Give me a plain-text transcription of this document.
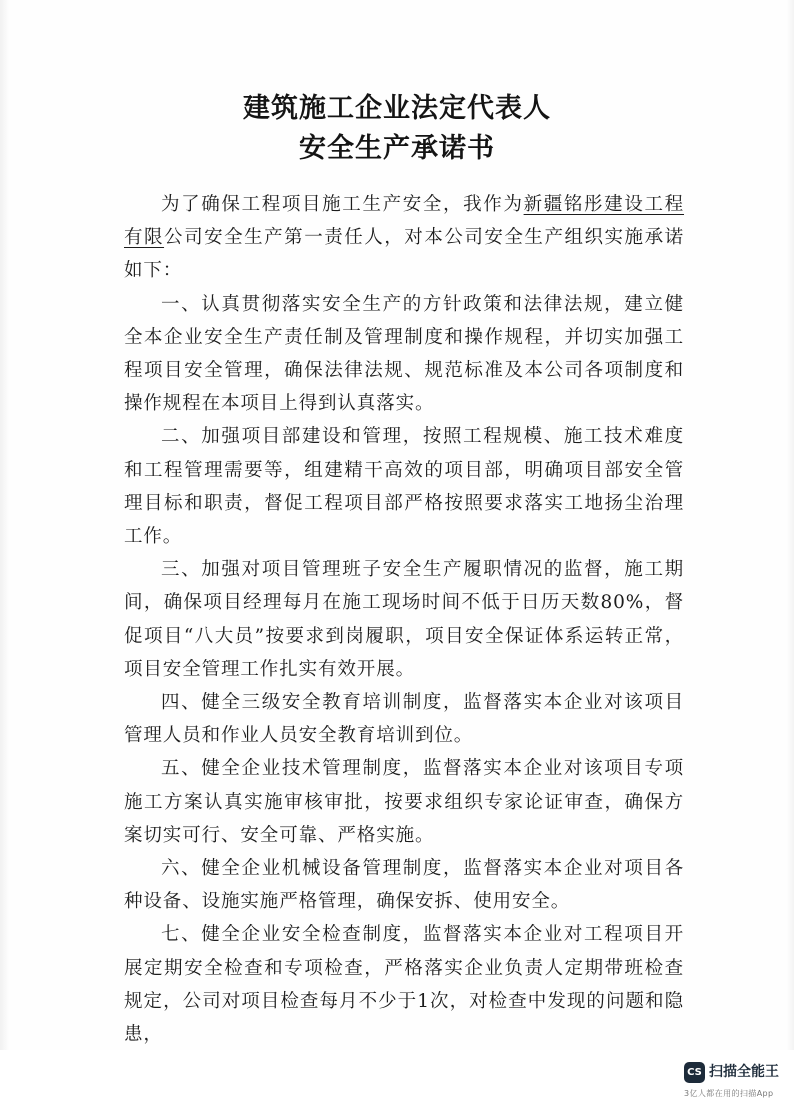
建筑施工企业法定代表人
安全生产承诺书

为了确保工程项目施工生产安全，我作为新疆铭彤建设工程有限公司安全生产第一责任人，对本公司安全生产组织实施承诺如下：

一、认真贯彻落实安全生产的方针政策和法律法规，建立健全本企业安全生产责任制及管理制度和操作规程，并切实加强工程项目安全管理，确保法律法规、规范标准及本公司各项制度和操作规程在本项目上得到认真落实。

二、加强项目部建设和管理，按照工程规模、施工技术难度和工程管理需要等，组建精干高效的项目部，明确项目部安全管理目标和职责，督促工程项目部严格按照要求落实工地扬尘治理工作。

三、加强对项目管理班子安全生产履职情况的监督，施工期间，确保项目经理每月在施工现场时间不低于日历天数80%，督促项目“八大员”按要求到岗履职，项目安全保证体系运转正常，项目安全管理工作扎实有效开展。

四、健全三级安全教育培训制度，监督落实本企业对该项目管理人员和作业人员安全教育培训到位。

五、健全企业技术管理制度，监督落实本企业对该项目专项施工方案认真实施审核审批，按要求组织专家论证审查，确保方案切实可行、安全可靠、严格实施。

六、健全企业机械设备管理制度，监督落实本企业对项目各种设备、设施实施严格管理，确保安拆、使用安全。

七、健全企业安全检查制度，监督落实本企业对工程项目开展定期安全检查和专项检查，严格落实企业负责人定期带班检查规定，公司对项目检查每月不少于1次，对检查中发现的问题和隐患，

CS 扫描全能王
3亿人都在用的扫描App
